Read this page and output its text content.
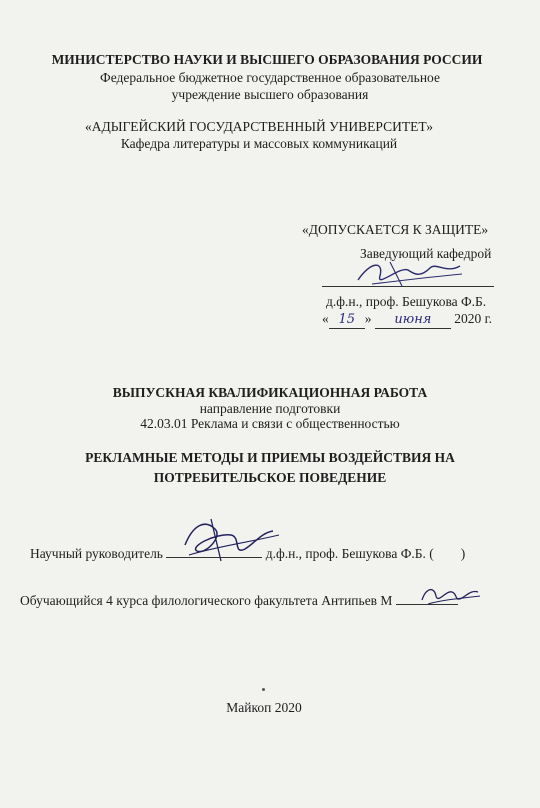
МИНИСТЕРСТВО НАУКИ И ВЫСШЕГО ОБРАЗОВАНИЯ РОССИИ
Федеральное бюджетное государственное образовательное
учреждение высшего образования
«АДЫГЕЙСКИЙ ГОСУДАРСТВЕННЫЙ УНИВЕРСИТЕТ»
Кафедра литературы и массовых коммуникаций
«ДОПУСКАЕТСЯ К ЗАЩИТЕ»
Заведующий кафедрой
д.ф.н., проф. Бешукова Ф.Б.
« 15 » июня 2020 г.
ВЫПУСКНАЯ КВАЛИФИКАЦИОННАЯ РАБОТА
направление подготовки
42.03.01 Реклама и связи с общественностью
РЕКЛАМНЫЕ МЕТОДЫ И ПРИЕМЫ ВОЗДЕЙСТВИЯ НА
ПОТРЕБИТЕЛЬСКОЕ ПОВЕДЕНИЕ
Научный руководитель	д.ф.н., проф. Бешукова Ф.Б. (        )
Обучающийся 4 курса филологического факультета Антипьев М
Майкоп 2020
